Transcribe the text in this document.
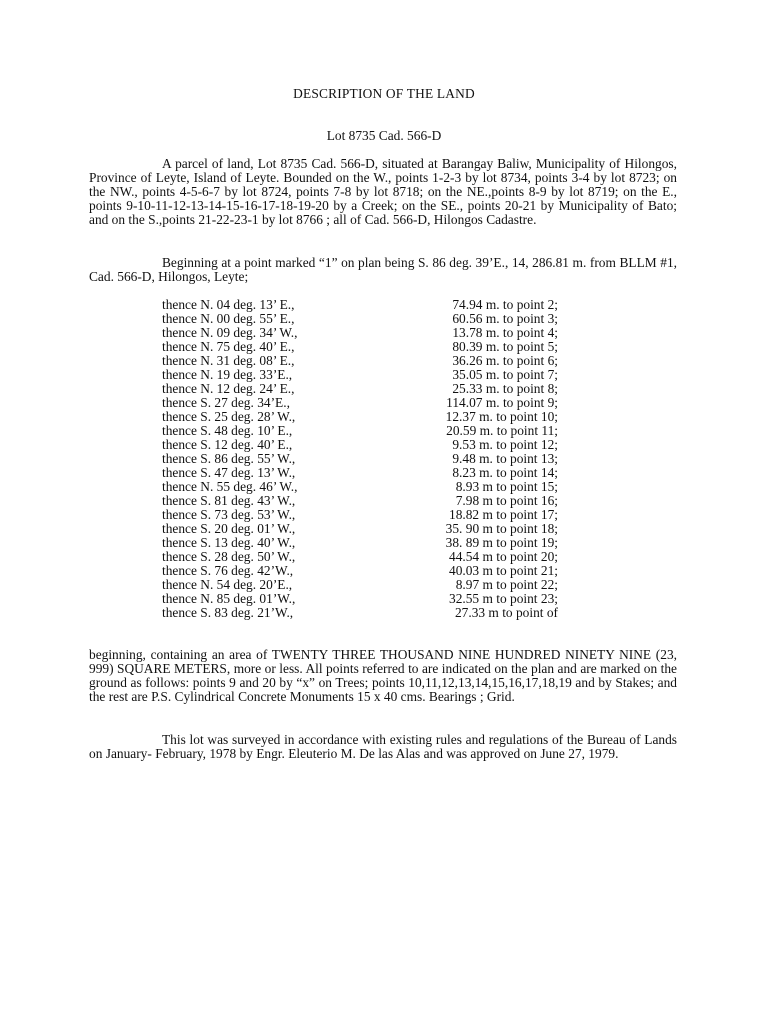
DESCRIPTION OF THE LAND
Lot 8735 Cad. 566-D
A parcel of land, Lot 8735 Cad. 566-D, situated at Barangay Baliw, Municipality of Hilongos, Province of Leyte, Island of Leyte. Bounded on the W., points 1-2-3 by lot 8734, points 3-4 by lot 8723; on the NW., points 4-5-6-7 by lot 8724, points 7-8 by lot 8718; on the NE.,points 8-9 by lot 8719; on the E., points 9-10-11-12-13-14-15-16-17-18-19-20 by a Creek; on the SE., points 20-21 by Municipality of Bato; and on the S.,points 21-22-23-1 by lot 8766 ; all of Cad. 566-D, Hilongos Cadastre.
Beginning at a point marked “1” on plan being S. 86 deg. 39’E., 14, 286.81 m. from BLLM #1, Cad. 566-D, Hilongos, Leyte;
thence N. 04 deg. 13’ E.,	74.94 m. to point 2;
thence N. 00 deg. 55’ E.,	60.56 m. to point 3;
thence N. 09 deg. 34’ W.,	13.78 m. to point 4;
thence N. 75 deg. 40’ E.,	80.39 m. to point 5;
thence N. 31 deg. 08’ E.,	36.26 m. to point 6;
thence N. 19 deg. 33’E.,	35.05 m. to point 7;
thence N. 12 deg. 24’ E.,	25.33 m. to point 8;
thence S. 27 deg. 34’E.,	114.07 m. to point 9;
thence S. 25 deg. 28’ W.,	12.37 m. to point 10;
thence S. 48 deg. 10’ E.,	20.59 m. to point 11;
thence S. 12 deg. 40’ E.,	9.53 m. to point 12;
thence S. 86 deg. 55’ W.,	9.48 m. to point 13;
thence S. 47 deg. 13’ W.,	8.23 m. to point 14;
thence N. 55 deg. 46’ W.,	8.93 m to point 15;
thence S. 81 deg. 43’ W.,	7.98 m to point 16;
thence S. 73 deg. 53’ W.,	18.82 m to point 17;
thence S. 20 deg. 01’ W.,	35. 90 m to point 18;
thence S. 13 deg. 40’ W.,	38. 89 m to point 19;
thence S. 28 deg. 50’ W.,	44.54 m to point 20;
thence S. 76 deg. 42’W.,	40.03 m to point 21;
thence N. 54 deg. 20’E.,	8.97 m to point 22;
thence N. 85 deg. 01’W.,	32.55 m to point 23;
thence S. 83 deg. 21’W.,	27.33 m to point of
beginning, containing an area of TWENTY THREE THOUSAND NINE HUNDRED NINETY NINE (23, 999) SQUARE METERS, more or less. All points referred to are indicated on the plan and are marked on the ground as follows: points 9 and 20 by “x” on Trees; points 10,11,12,13,14,15,16,17,18,19 and by Stakes; and the rest are P.S. Cylindrical Concrete Monuments 15 x 40 cms. Bearings ; Grid.
This lot was surveyed in accordance with existing rules and regulations of the Bureau of Lands on January- February, 1978 by Engr. Eleuterio M. De las Alas and was approved on June 27, 1979.
